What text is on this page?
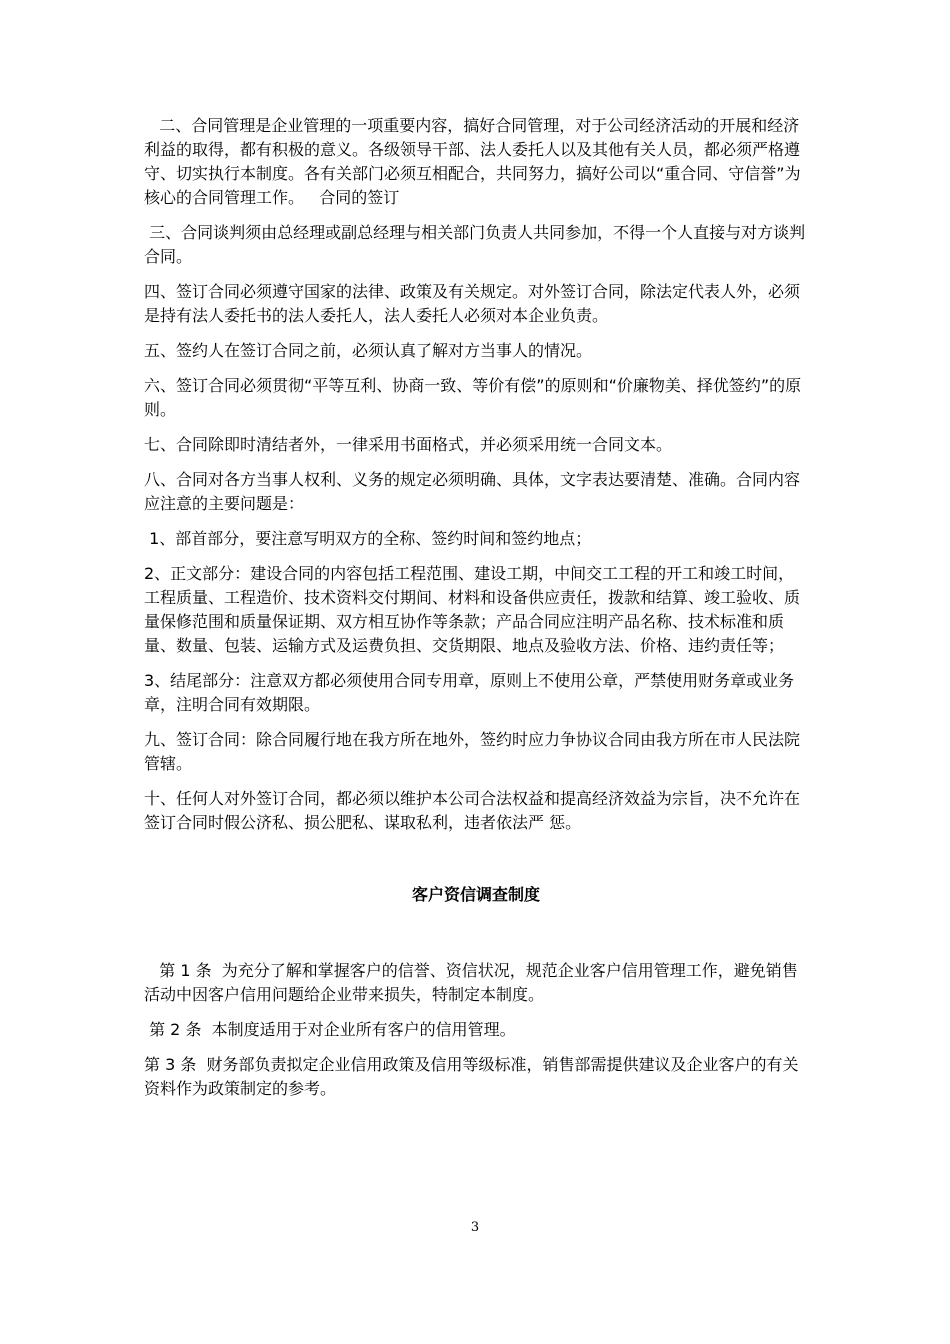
二、合同管理是企业管理的一项重要内容，搞好合同管理，对于公司经济活动的开展和经济利益的取得，都有积极的意义。各级领导干部、法人委托人以及其他有关人员，都必须严格遵守、切实执行本制度。各有关部门必须互相配合，共同努力，搞好公司以“重合同、守信誉”为核心的合同管理工作。   合同的签订

三、合同谈判须由总经理或副总经理与相关部门负责人共同参加，不得一个人直接与对方谈判合同。

四、签订合同必须遵守国家的法律、政策及有关规定。对外签订合同，除法定代表人外，必须是持有法人委托书的法人委托人，法人委托人必须对本企业负责。

五、签约人在签订合同之前，必须认真了解对方当事人的情况。

六、签订合同必须贯彻“平等互利、协商一致、等价有偿”的原则和“价廉物美、择优签约”的原则。

七、合同除即时清结者外，一律采用书面格式，并必须采用统一合同文本。

八、合同对各方当事人权利、义务的规定必须明确、具体，文字表达要清楚、准确。合同内容应注意的主要问题是：

1、部首部分，要注意写明双方的全称、签约时间和签约地点；

2、正文部分：建设合同的内容包括工程范围、建设工期，中间交工工程的开工和竣工时间，工程质量、工程造价、技术资料交付期间、材料和设备供应责任，拨款和结算、竣工验收、质量保修范围和质量保证期、双方相互协作等条款；产品合同应注明产品名称、技术标准和质量、数量、包装、运输方式及运费负担、交货期限、地点及验收方法、价格、违约责任等；

3、结尾部分：注意双方都必须使用合同专用章，原则上不使用公章，严禁使用财务章或业务章，注明合同有效期限。

九、签订合同：除合同履行地在我方所在地外，签约时应力争协议合同由我方所在市人民法院管辖。

十、任何人对外签订合同，都必须以维护本公司合法权益和提高经济效益为宗旨，决不允许在签订合同时假公济私、损公肥私、谋取私利，违者依法严 惩。

客户资信调查制度

第 1 条  为充分了解和掌握客户的信誉、资信状况，规范企业客户信用管理工作，避免销售活动中因客户信用问题给企业带来损失，特制定本制度。

第 2 条  本制度适用于对企业所有客户的信用管理。

第 3 条  财务部负责拟定企业信用政策及信用等级标准，销售部需提供建议及企业客户的有关资料作为政策制定的参考。

3
